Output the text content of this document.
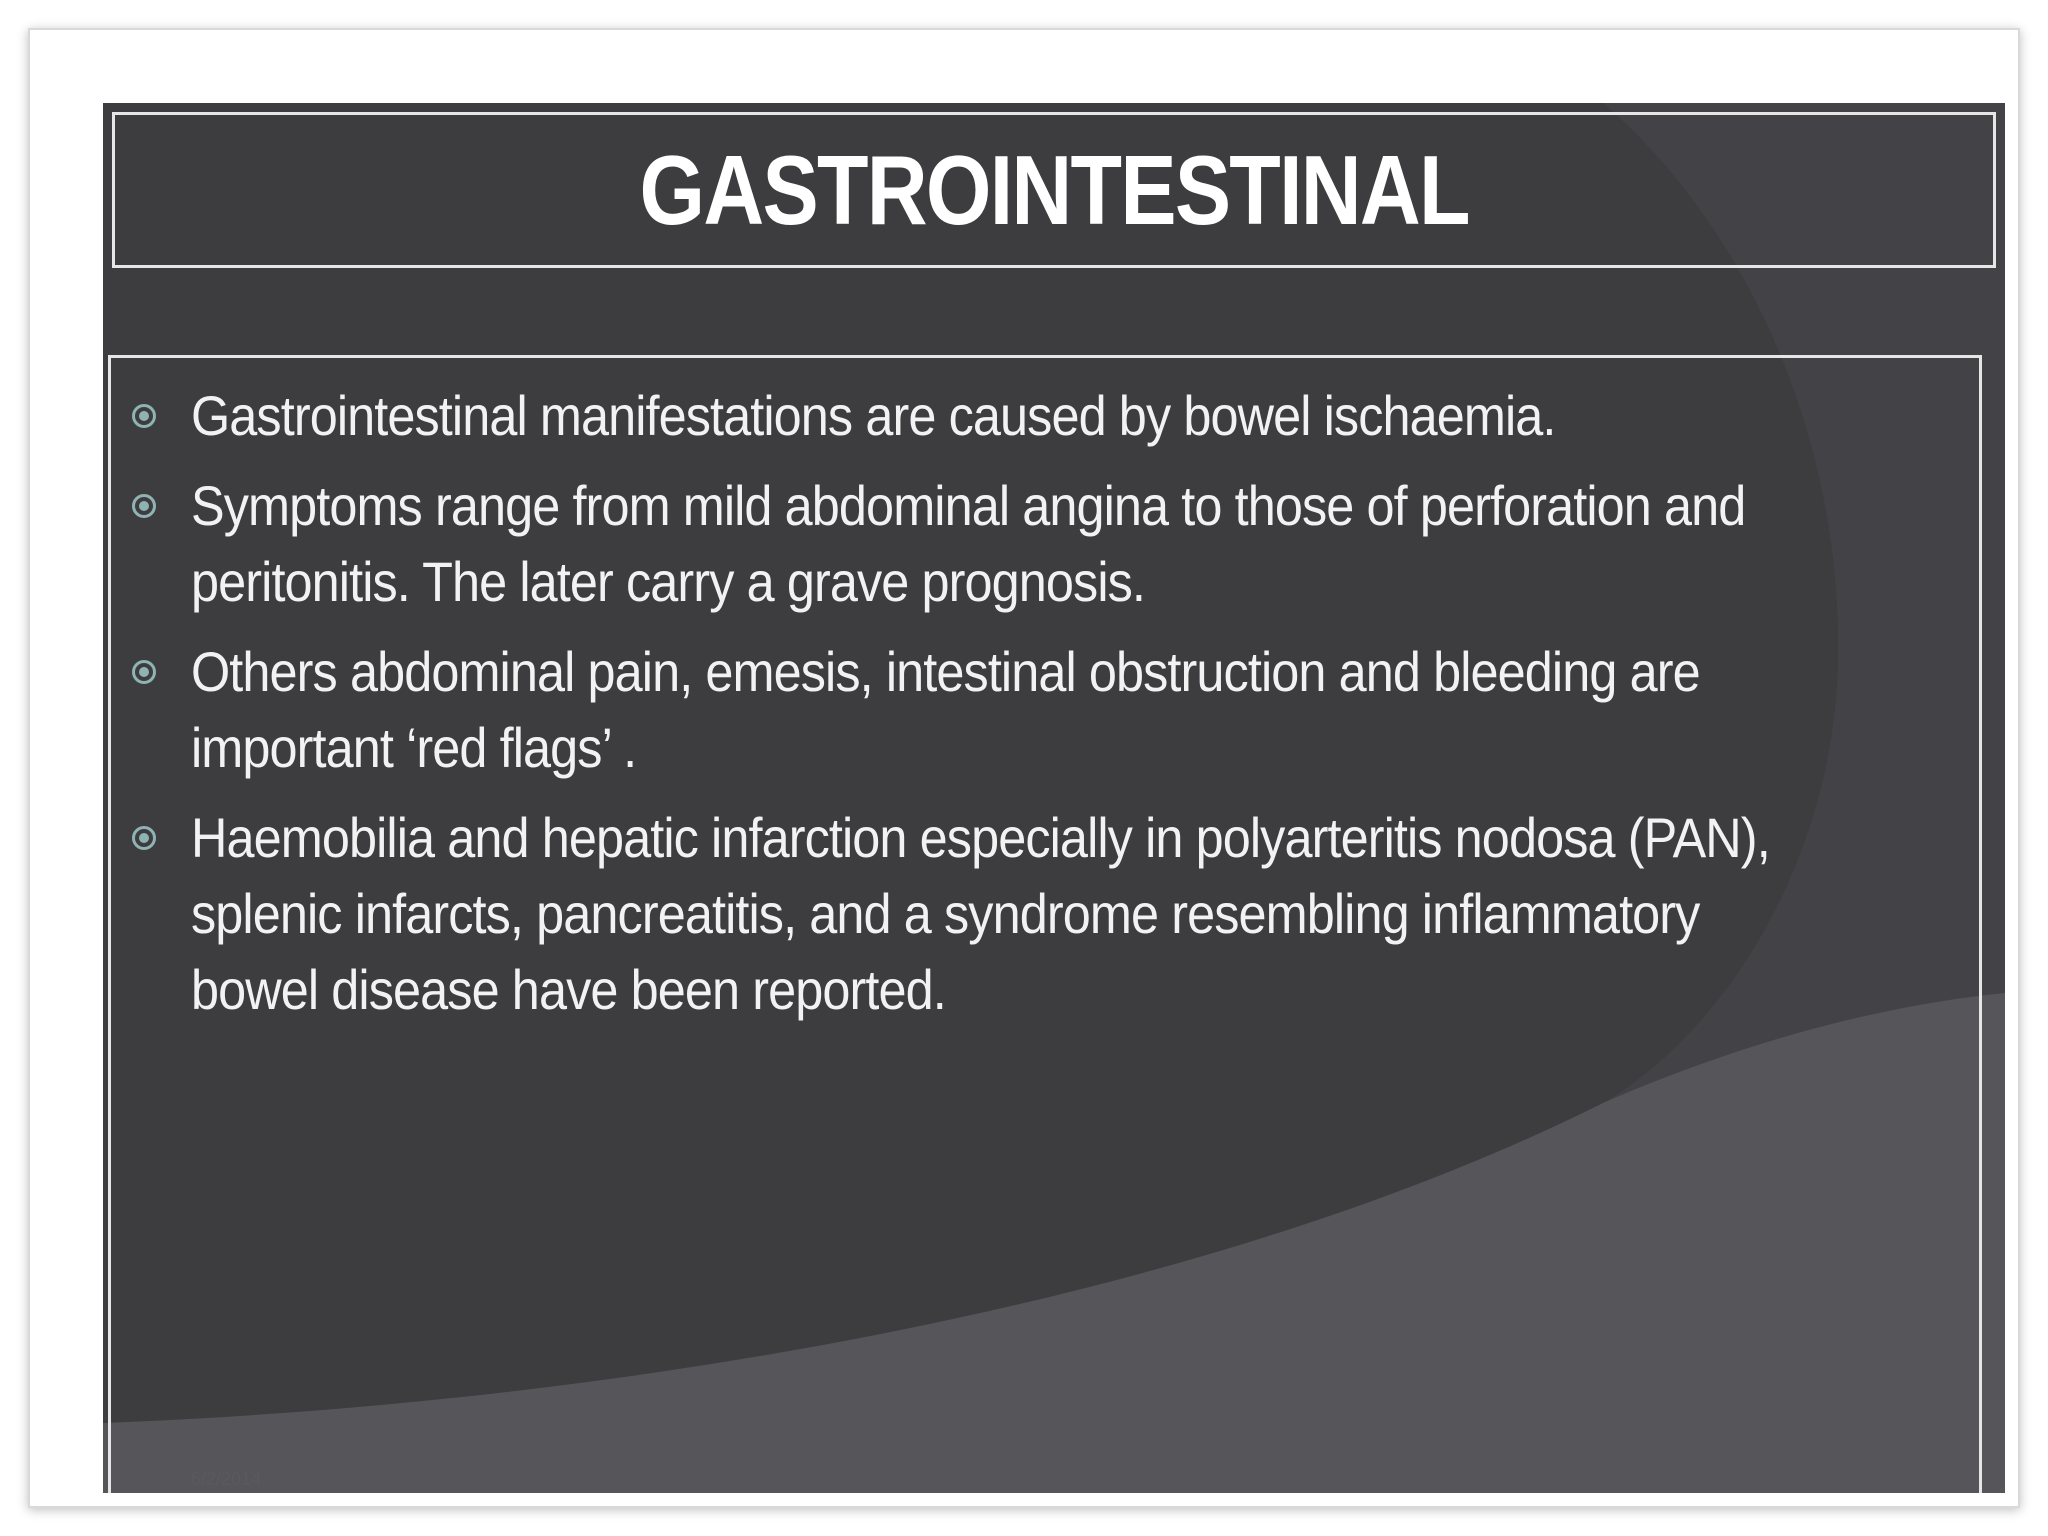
GASTROINTESTINAL
Gastrointestinal manifestations are caused by bowel ischaemia.
Symptoms range from mild abdominal angina to those of perforation and peritonitis. The later carry a grave prognosis.
Others abdominal pain, emesis, intestinal obstruction and bleeding are important ‘red flags’ .
Haemobilia and hepatic infarction especially in polyarteritis nodosa (PAN), splenic infarcts, pancreatitis, and a syndrome resembling inflammatory bowel disease have been reported.
6/2/2014
